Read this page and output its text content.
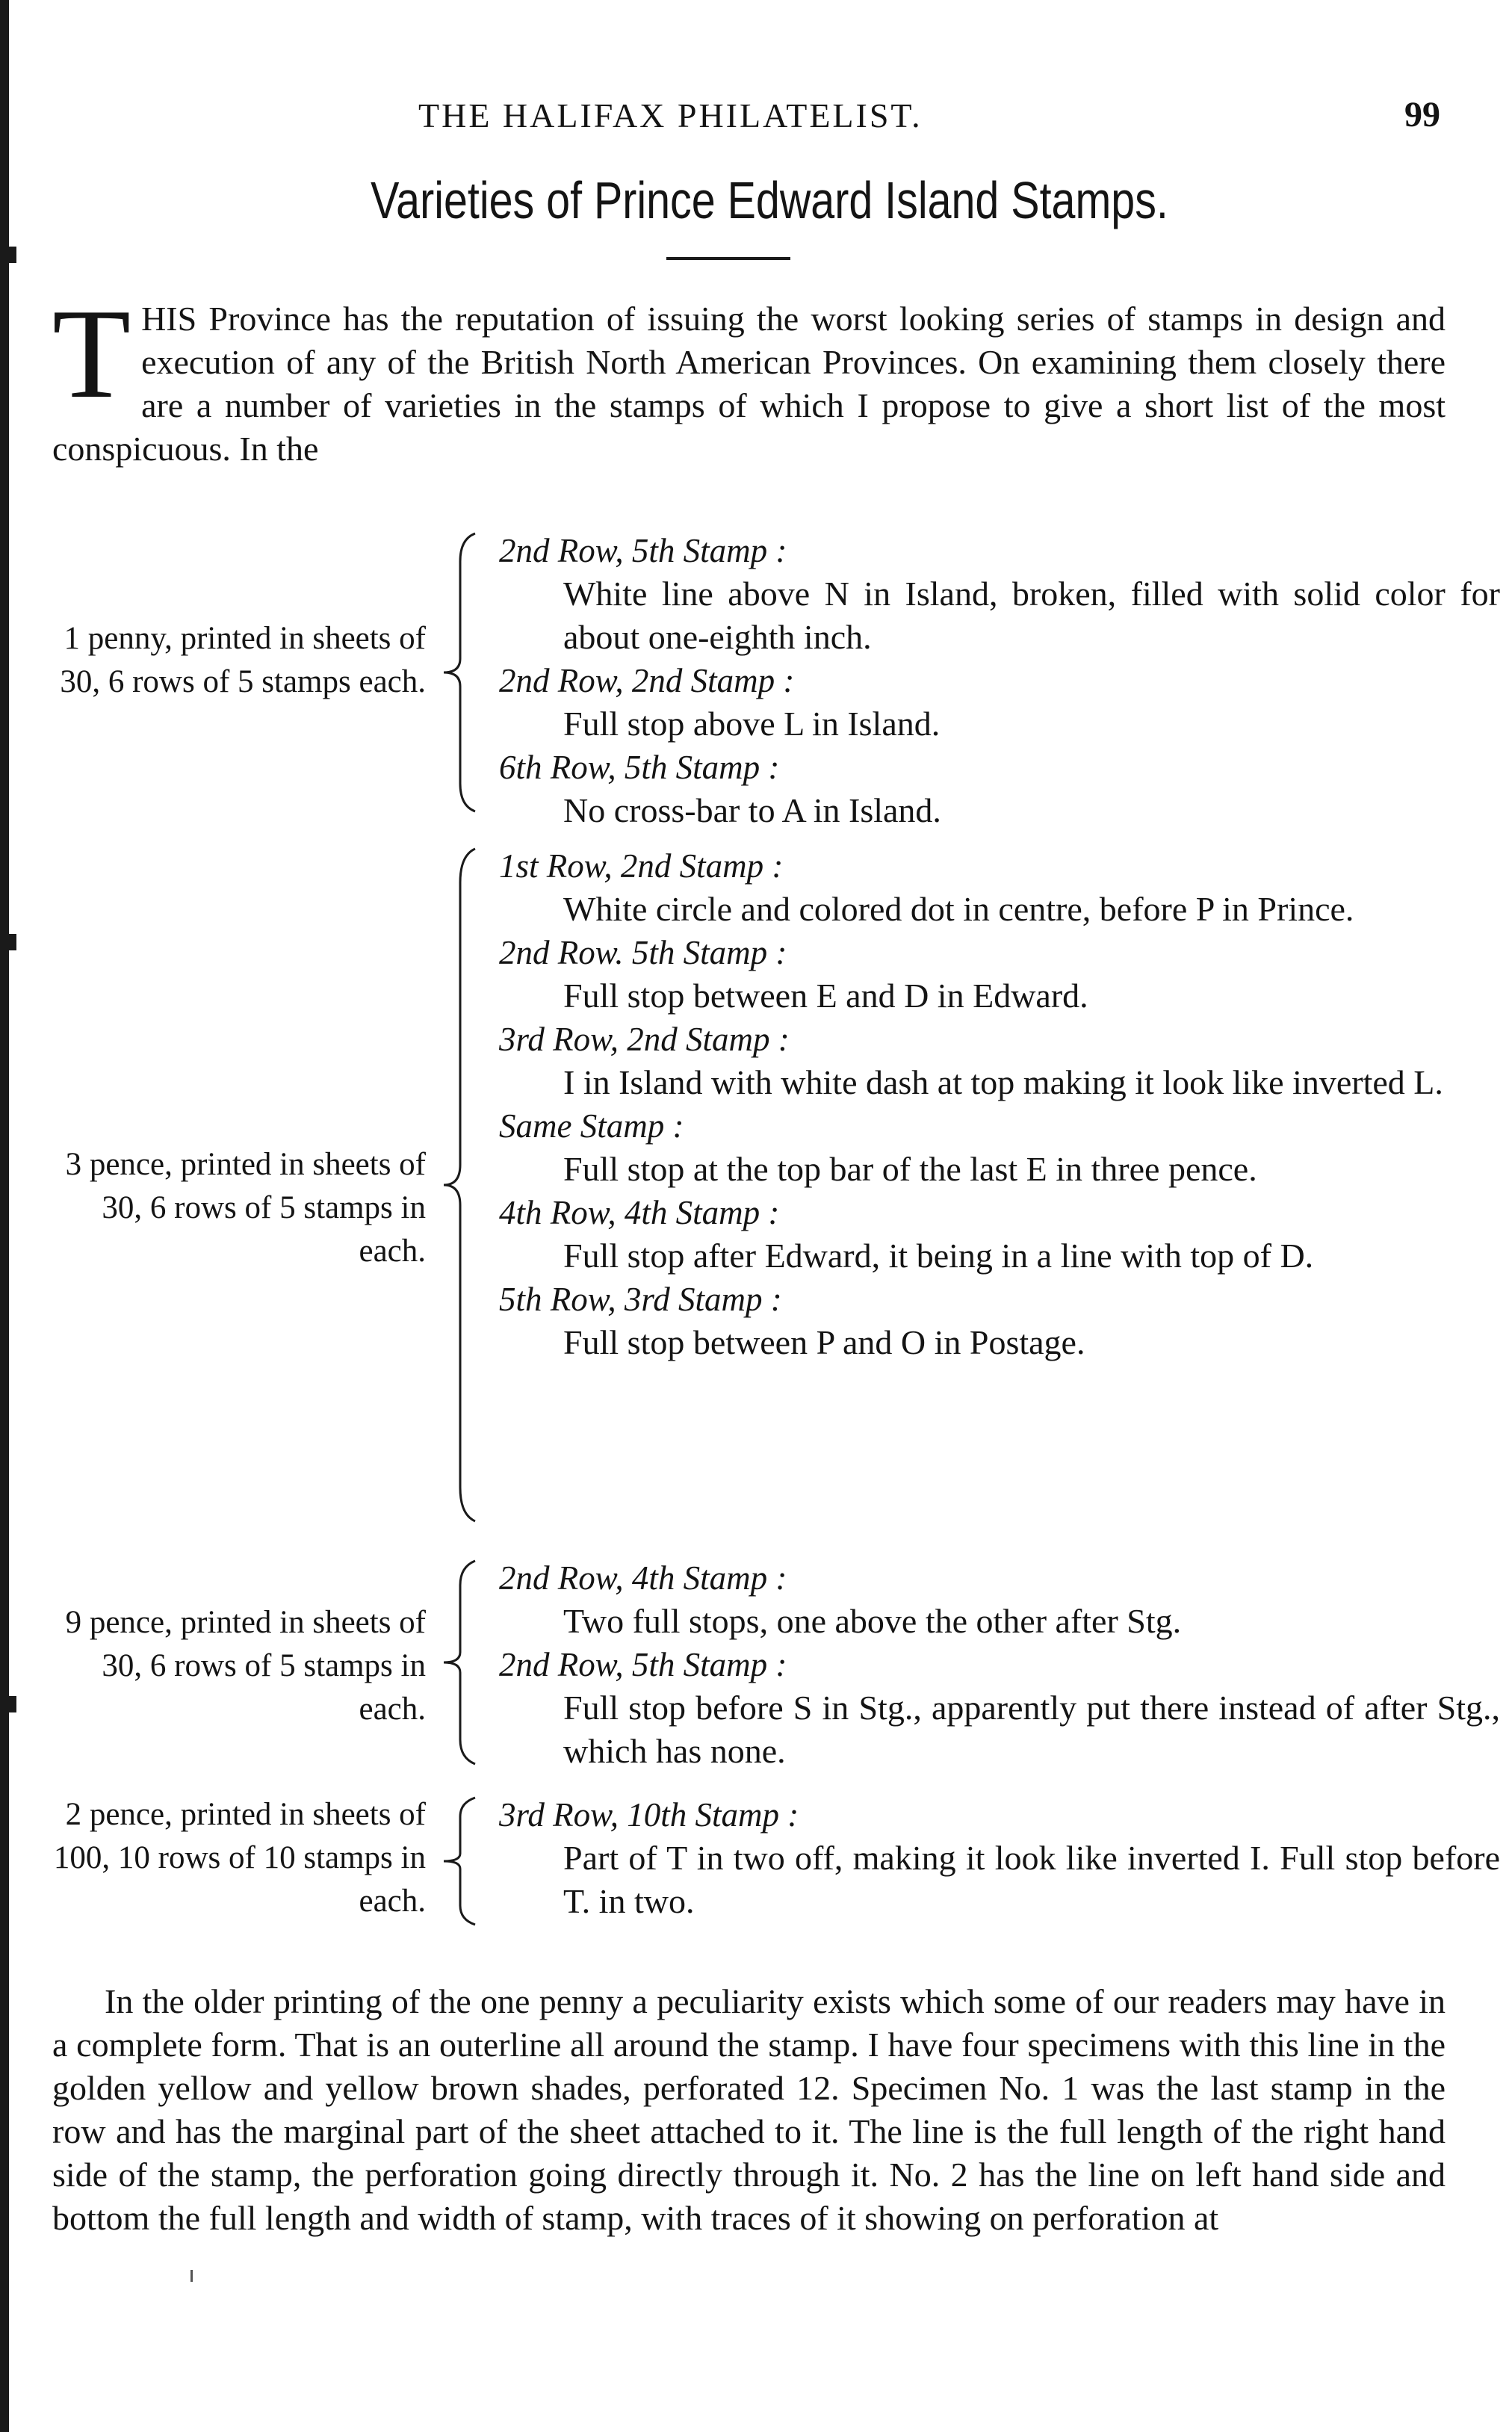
THE HALIFAX PHILATELIST.	99
Varieties of Prince Edward Island Stamps.
T HIS Province has the reputation of issuing the worst looking series of stamps in design and execution of any of the British North American Provinces. On examining them closely there are a number of varieties in the stamps of which I propose to give a short list of the most conspicuous. In the

1 penny, printed in sheets of 30, 6 rows of 5 stamps each.

2nd Row, 5th Stamp :

White line above N in Island, broken, filled with solid color for about one-eighth inch.

2nd Row, 2nd Stamp :

Full stop above L in Island.

6th Row, 5th Stamp :

No cross-bar to A in Island.

3 pence, printed in sheets of 30, 6 rows of 5 stamps in each.

1st Row, 2nd Stamp :

White circle and colored dot in centre, before P in Prince.

2nd Row. 5th Stamp :

Full stop between E and D in Edward.

3rd Row, 2nd Stamp :

I in Island with white dash at top making it look like inverted L.

Same Stamp :

Full stop at the top bar of the last E in three pence.

4th Row, 4th Stamp :

Full stop after Edward, it being in a line with top of D.

5th Row, 3rd Stamp :

Full stop between P and O in Postage.

9 pence, printed in sheets of 30, 6 rows of 5 stamps in each.

2nd Row, 4th Stamp :

Two full stops, one above the other after Stg.

2nd Row, 5th Stamp :

Full stop before S in Stg., apparently put there instead of after Stg., which has none.

2 pence, printed in sheets of 100, 10 rows of 10 stamps in each.

3rd Row, 10th Stamp :

Part of T in two off, making it look like inverted I. Full stop before T. in two.

In the older printing of the one penny a peculiarity exists which some of our readers may have in a complete form. That is an outerline all around the stamp. I have four specimens with this line in the golden yellow and yellow brown shades, perforated 12. Specimen No. 1 was the last stamp in the row and has the marginal part of the sheet attached to it. The line is the full length of the right hand side of the stamp, the perforation going directly through it. No. 2 has the line on left hand side and bottom the full length and width of stamp, with traces of it showing on perforation at
